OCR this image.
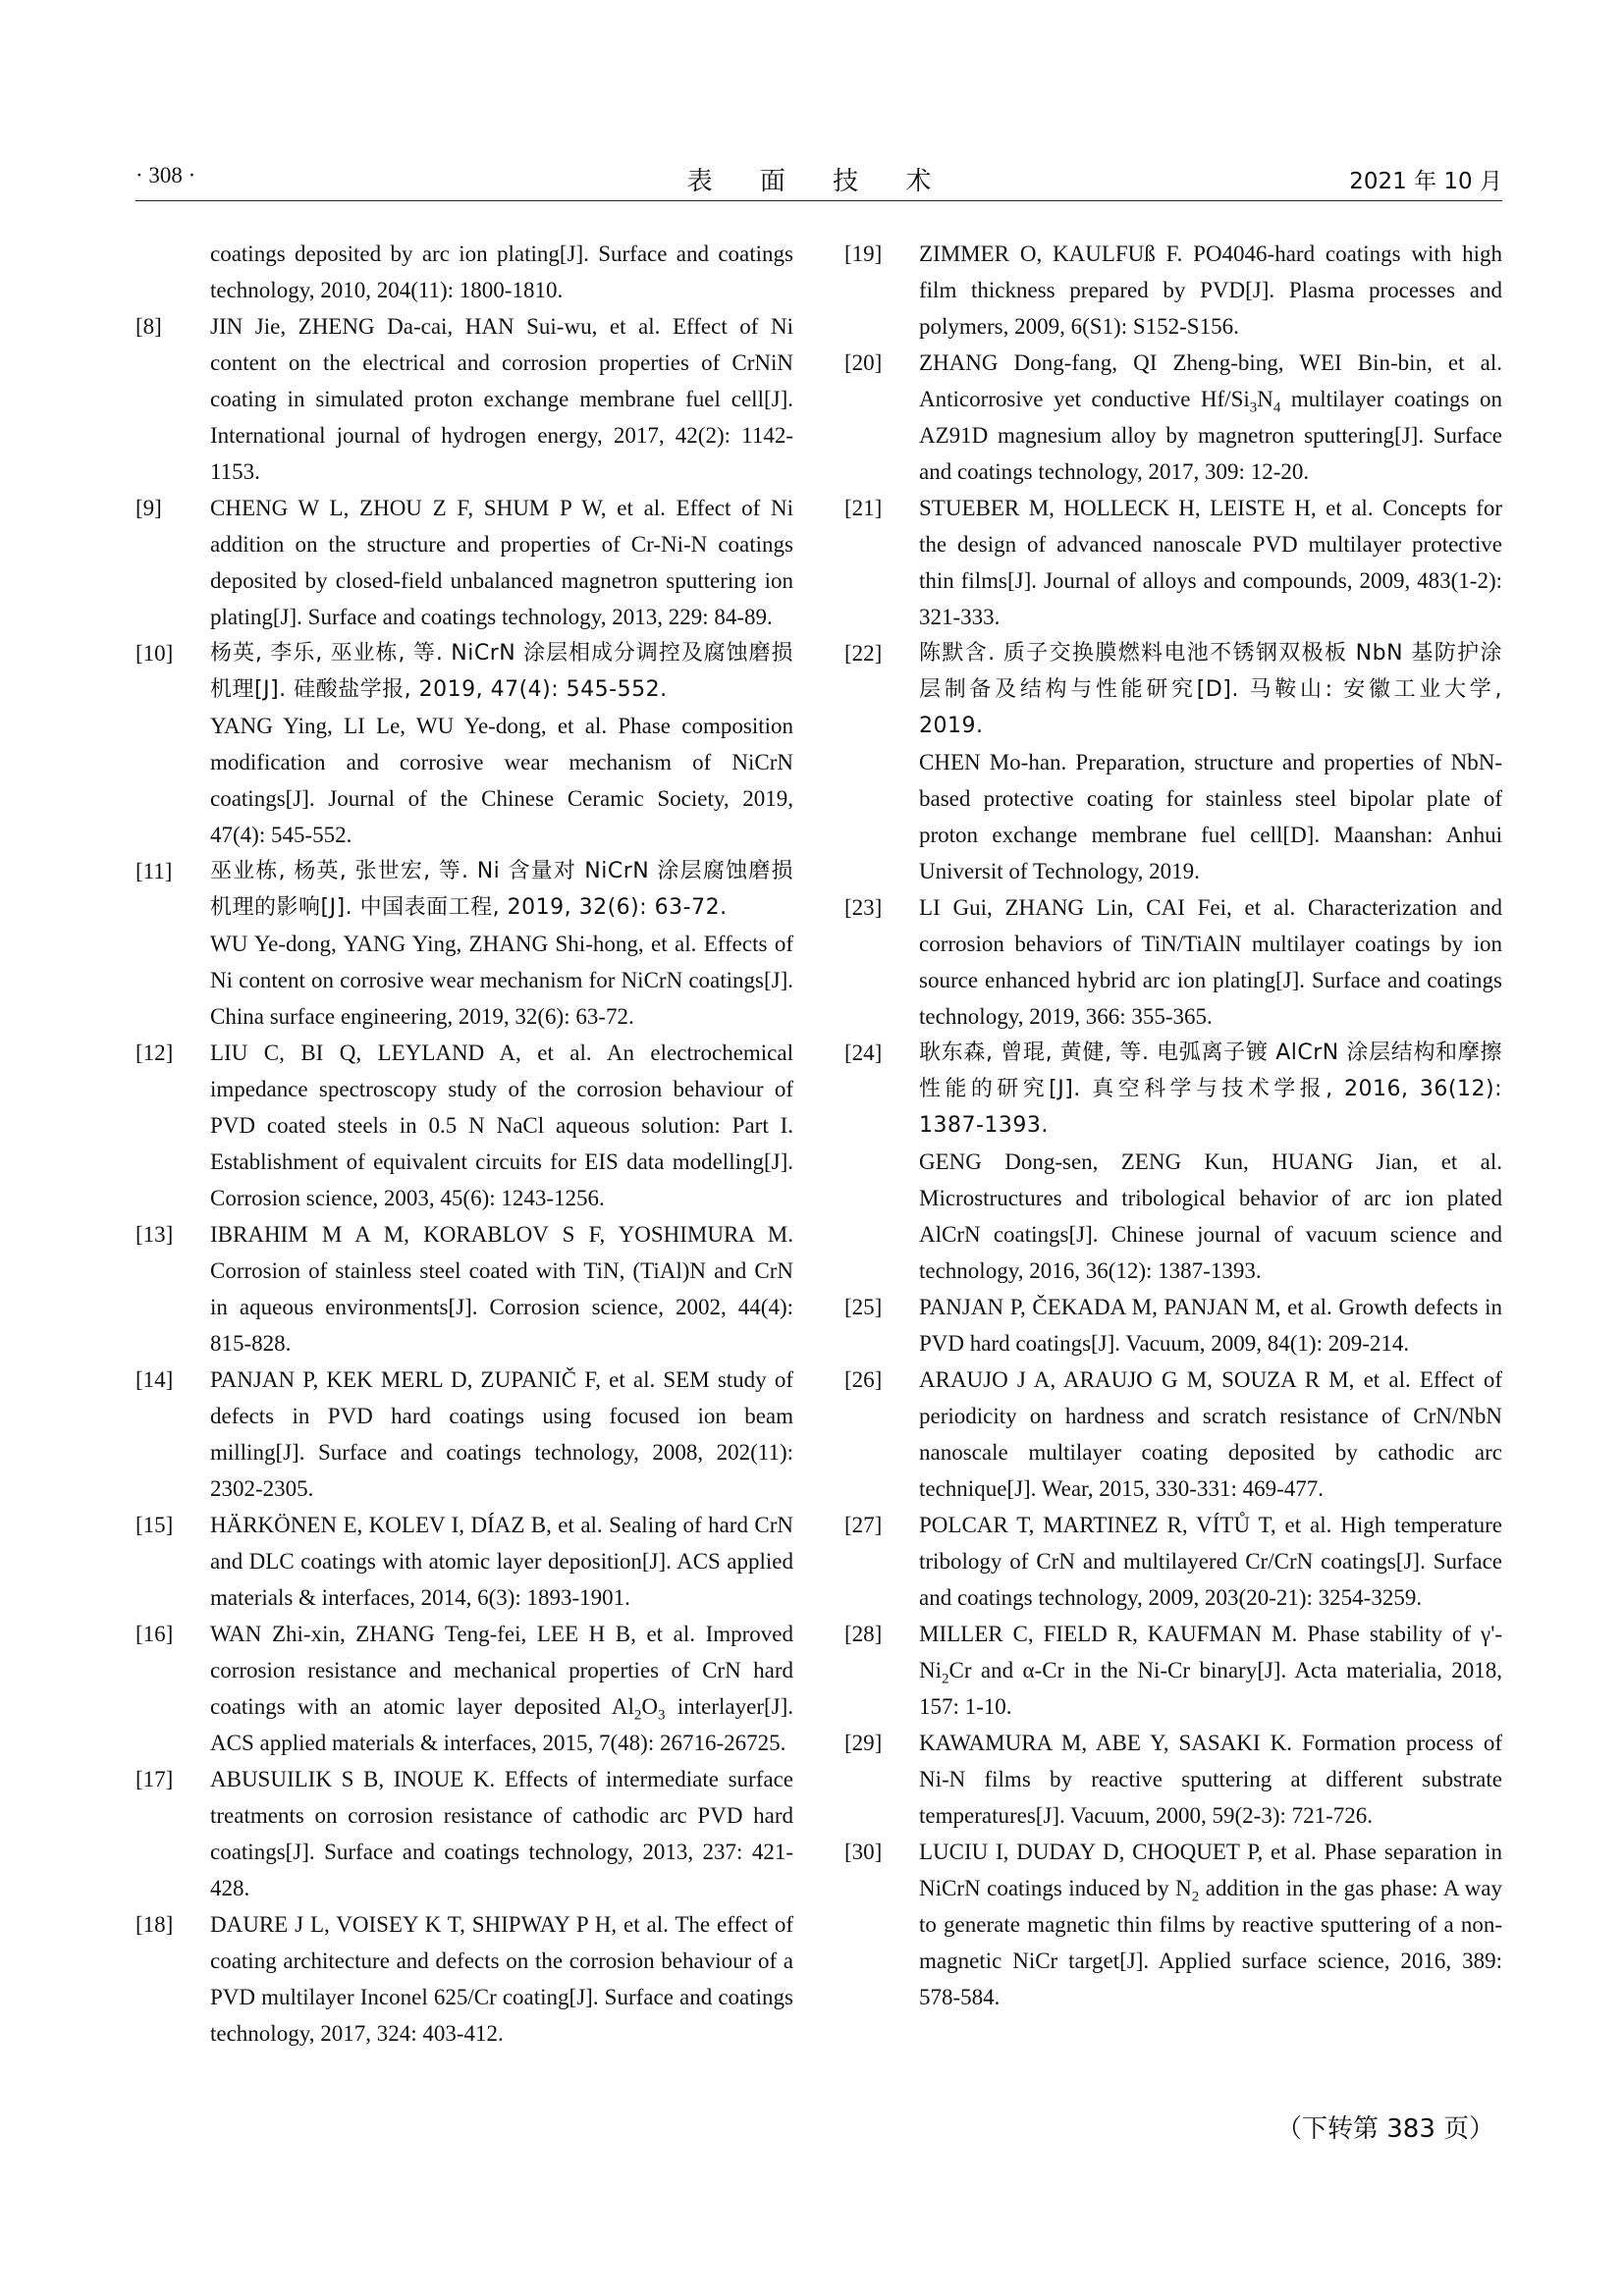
· 308 ·	表 面 技 术	2021 年 10 月
coatings deposited by arc ion plating[J]. Surface and coatings technology, 2010, 204(11): 1800-1810.
[8]	JIN Jie, ZHENG Da-cai, HAN Sui-wu, et al. Effect of Ni content on the electrical and corrosion properties of CrNiN coating in simulated proton exchange membrane fuel cell[J]. International journal of hydrogen energy, 2017, 42(2): 1142-1153.
[9]	CHENG W L, ZHOU Z F, SHUM P W, et al. Effect of Ni addition on the structure and properties of Cr-Ni-N coatings deposited by closed-field unbalanced magnetron sputtering ion plating[J]. Surface and coatings technology, 2013, 229: 84-89.
[10]	杨英, 李乐, 巫业栋, 等. NiCrN 涂层相成分调控及腐蚀磨损机理[J]. 硅酸盐学报, 2019, 47(4): 545-552.

YANG Ying, LI Le, WU Ye-dong, et al. Phase composition modification and corrosive wear mechanism of NiCrN coatings[J]. Journal of the Chinese Ceramic Society, 2019, 47(4): 545-552.

[11]	巫业栋, 杨英, 张世宏, 等. Ni 含量对 NiCrN 涂层腐蚀磨损机理的影响[J]. 中国表面工程, 2019, 32(6): 63-72.

WU Ye-dong, YANG Ying, ZHANG Shi-hong, et al. Effects of Ni content on corrosive wear mechanism for NiCrN coatings[J]. China surface engineering, 2019, 32(6): 63-72.

[12]	LIU C, BI Q, LEYLAND A, et al. An electrochemical impedance spectroscopy study of the corrosion behaviour of PVD coated steels in 0.5 N NaCl aqueous solution: Part I. Establishment of equivalent circuits for EIS data modelling[J]. Corrosion science, 2003, 45(6): 1243-1256.
[13]	IBRAHIM M A M, KORABLOV S F, YOSHIMURA M. Corrosion of stainless steel coated with TiN, (TiAl)N and CrN in aqueous environments[J]. Corrosion science, 2002, 44(4): 815-828.
[14]	PANJAN P, KEK MERL D, ZUPANIČ F, et al. SEM study of defects in PVD hard coatings using focused ion beam milling[J]. Surface and coatings technology, 2008, 202(11): 2302-2305.
[15]	HÄRKÖNEN E, KOLEV I, DÍAZ B, et al. Sealing of hard CrN and DLC coatings with atomic layer deposition[J]. ACS applied materials & interfaces, 2014, 6(3): 1893-1901.
[16]	WAN Zhi-xin, ZHANG Teng-fei, LEE H B, et al. Improved corrosion resistance and mechanical properties of CrN hard coatings with an atomic layer deposited $Al_2O_3$ interlayer[J]. ACS applied materials & interfaces, 2015, 7(48): 26716-26725.
[17]	ABUSUILIK S B, INOUE K. Effects of intermediate surface treatments on corrosion resistance of cathodic arc PVD hard coatings[J]. Surface and coatings technology, 2013, 237: 421-428.
[18]	DAURE J L, VOISEY K T, SHIPWAY P H, et al. The effect of coating architecture and defects on the corrosion behaviour of a PVD multilayer Inconel 625/Cr coating[J]. Surface and coatings technology, 2017, 324: 403-412.
[19]	ZIMMER O, KAULFUß F. PO4046-hard coatings with high film thickness prepared by PVD[J]. Plasma processes and polymers, 2009, 6(S1): S152-S156.
[20]	ZHANG Dong-fang, QI Zheng-bing, WEI Bin-bin, et al. Anticorrosive yet conductive $Hf/Si_3N_4$ multilayer coatings on AZ91D magnesium alloy by magnetron sputtering[J]. Surface and coatings technology, 2017, 309: 12-20.
[21]	STUEBER M, HOLLECK H, LEISTE H, et al. Concepts for the design of advanced nanoscale PVD multilayer protective thin films[J]. Journal of alloys and compounds, 2009, 483(1-2): 321-333.
[22]	陈默含. 质子交换膜燃料电池不锈钢双极板 NbN 基防护涂层制备及结构与性能研究[D]. 马鞍山: 安徽工业大学, 2019.

CHEN Mo-han. Preparation, structure and properties of NbN-based protective coating for stainless steel bipolar plate of proton exchange membrane fuel cell[D]. Maanshan: Anhui Universit of Technology, 2019.

[23]	LI Gui, ZHANG Lin, CAI Fei, et al. Characterization and corrosion behaviors of TiN/TiAlN multilayer coatings by ion source enhanced hybrid arc ion plating[J]. Surface and coatings technology, 2019, 366: 355-365.
[24]	耿东森, 曾琨, 黄健, 等. 电弧离子镀 AlCrN 涂层结构和摩擦性能的研究[J]. 真空科学与技术学报, 2016, 36(12): 1387-1393.

GENG Dong-sen, ZENG Kun, HUANG Jian, et al. Microstructures and tribological behavior of arc ion plated AlCrN coatings[J]. Chinese journal of vacuum science and technology, 2016, 36(12): 1387-1393.

[25]	PANJAN P, ČEKADA M, PANJAN M, et al. Growth defects in PVD hard coatings[J]. Vacuum, 2009, 84(1): 209-214.
[26]	ARAUJO J A, ARAUJO G M, SOUZA R M, et al. Effect of periodicity on hardness and scratch resistance of CrN/NbN nanoscale multilayer coating deposited by cathodic arc technique[J]. Wear, 2015, 330-331: 469-477.
[27]	POLCAR T, MARTINEZ R, VÍTŮ T, et al. High temperature tribology of CrN and multilayered Cr/CrN coatings[J]. Surface and coatings technology, 2009, 203(20-21): 3254-3259.
[28]	MILLER C, FIELD R, KAUFMAN M. Phase stability of $\gamma'-Ni_2Cr$ and α-Cr in the Ni-Cr binary[J]. Acta materialia, 2018, 157: 1-10.
[29]	KAWAMURA M, ABE Y, SASAKI K. Formation process of Ni-N films by reactive sputtering at different substrate temperatures[J]. Vacuum, 2000, 59(2-3): 721-726.
[30]	LUCIU I, DUDAY D, CHOQUET P, et al. Phase separation in NiCrN coatings induced by $N_2$ addition in the gas phase: A way to generate magnetic thin films by reactive sputtering of a non-magnetic NiCr target[J]. Applied surface science, 2016, 389: 578-584.
（下转第 383 页）
